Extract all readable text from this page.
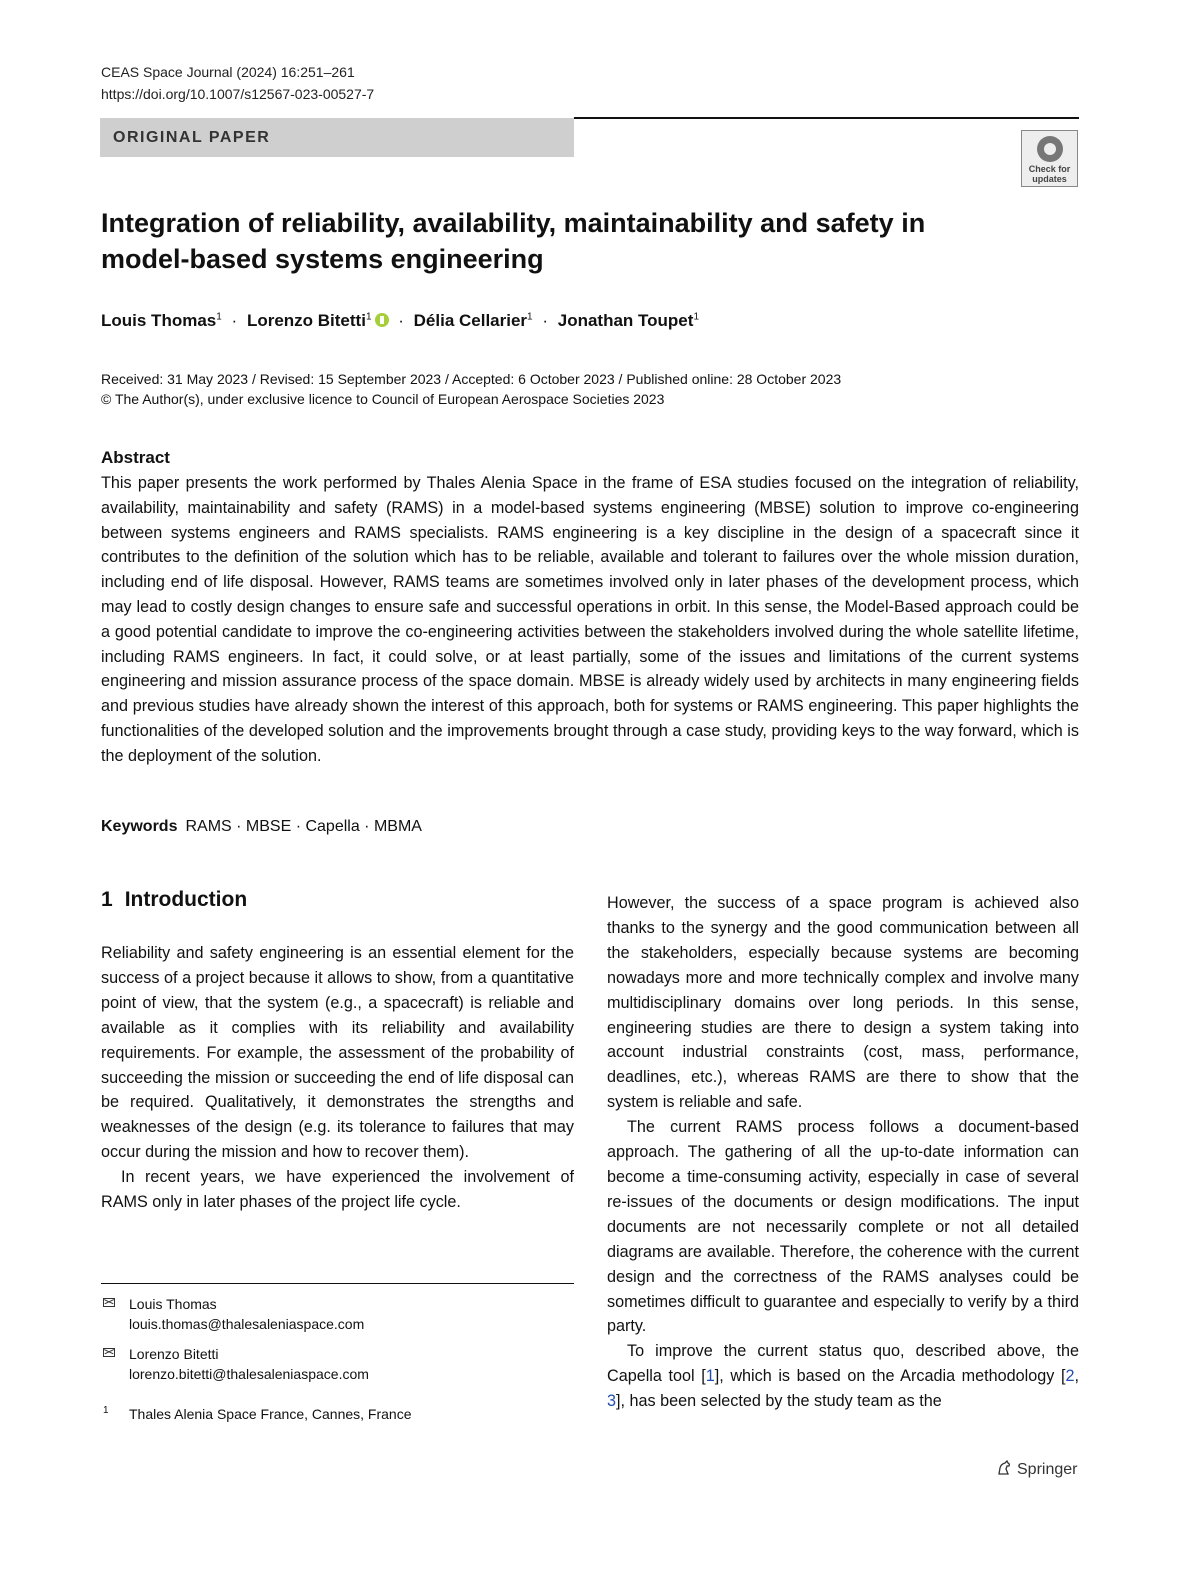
CEAS Space Journal (2024) 16:251–261
https://doi.org/10.1007/s12567-023-00527-7
ORIGINAL PAPER
Check for updates
Integration of reliability, availability, maintainability and safety in model-based systems engineering
Louis Thomas$^1$ · Lorenzo Bitetti$^1$ · Délia Cellarier$^1$ · Jonathan Toupet$^1$
Received: 31 May 2023 / Revised: 15 September 2023 / Accepted: 6 October 2023 / Published online: 28 October 2023
© The Author(s), under exclusive licence to Council of European Aerospace Societies 2023
Abstract

This paper presents the work performed by Thales Alenia Space in the frame of ESA studies focused on the integration of reliability, availability, maintainability and safety (RAMS) in a model-based systems engineering (MBSE) solution to improve co-engineering between systems engineers and RAMS specialists. RAMS engineering is a key discipline in the design of a spacecraft since it contributes to the definition of the solution which has to be reliable, available and tolerant to failures over the whole mission duration, including end of life disposal. However, RAMS teams are sometimes involved only in later phases of the development process, which may lead to costly design changes to ensure safe and successful operations in orbit. In this sense, the Model-Based approach could be a good potential candidate to improve the co-engineering activities between the stakeholders involved during the whole satellite lifetime, including RAMS engineers. In fact, it could solve, or at least partially, some of the issues and limitations of the current systems engineering and mission assurance process of the space domain. MBSE is already widely used by architects in many engineering fields and previous studies have already shown the interest of this approach, both for systems or RAMS engineering. This paper highlights the functionalities of the developed solution and the improvements brought through a case study, providing keys to the way forward, which is the deployment of the solution.

Keywords RAMS · MBSE · Capella · MBMA
1 Introduction

Reliability and safety engineering is an essential element for the success of a project because it allows to show, from a quantitative point of view, that the system (e.g., a spacecraft) is reliable and available as it complies with its reliability and availability requirements. For example, the assessment of the probability of succeeding the mission or succeeding the end of life disposal can be required. Qualitatively, it demonstrates the strengths and weaknesses of the design (e.g. its tolerance to failures that may occur during the mission and how to recover them).

In recent years, we have experienced the involvement of RAMS only in later phases of the project life cycle.

However, the success of a space program is achieved also thanks to the synergy and the good communication between all the stakeholders, especially because systems are becoming nowadays more and more technically complex and involve many multidisciplinary domains over long periods. In this sense, engineering studies are there to design a system taking into account industrial constraints (cost, mass, performance, deadlines, etc.), whereas RAMS are there to show that the system is reliable and safe.

The current RAMS process follows a document-based approach. The gathering of all the up-to-date information can become a time-consuming activity, especially in case of several re-issues of the documents or design modifications. The input documents are not necessarily complete or not all detailed diagrams are available. Therefore, the coherence with the current design and the correctness of the RAMS analyses could be sometimes difficult to guarantee and especially to verify by a third party.

To improve the current status quo, described above, the Capella tool [1], which is based on the Arcadia methodology [2, 3], has been selected by the study team as the

Louis Thomas
louis.thomas@thalesaleniaspace.com
Lorenzo Bitetti
lorenzo.bitetti@thalesaleniaspace.com
1 Thales Alenia Space France, Cannes, France
Springer
